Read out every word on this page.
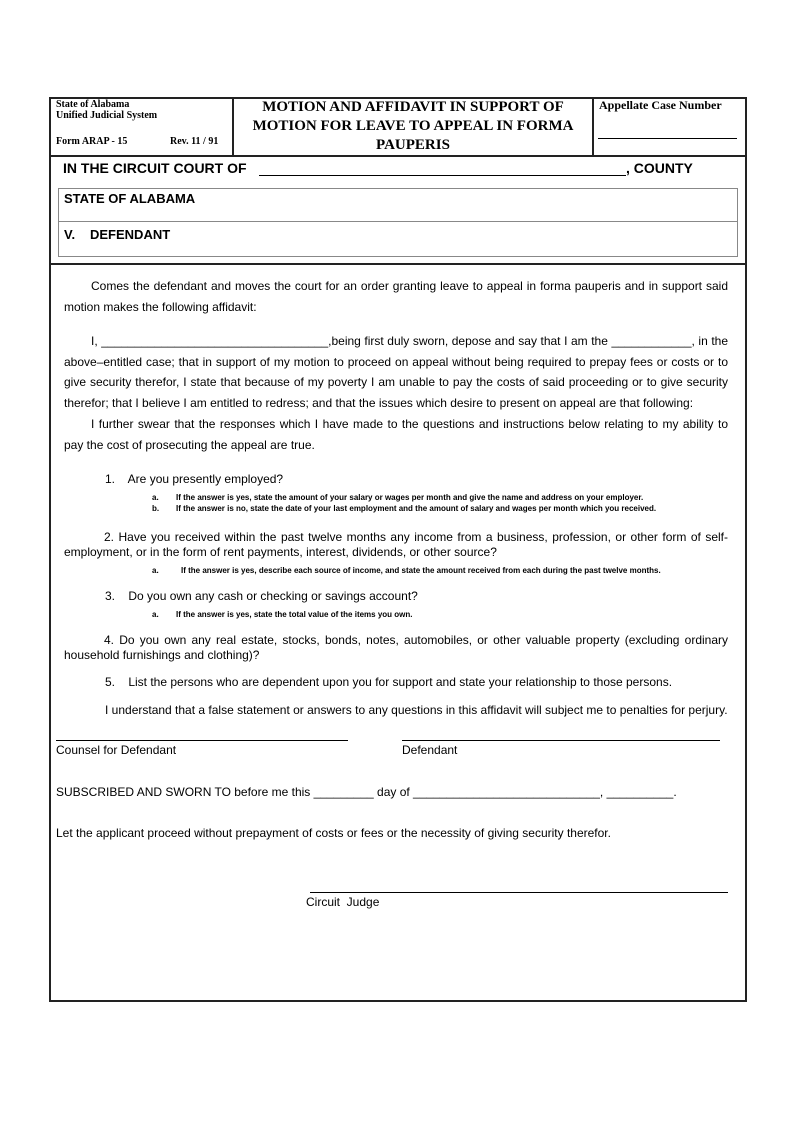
State of Alabama
Unified Judicial System
Form ARAP - 15	Rev. 11 / 91
MOTION AND AFFIDAVIT IN SUPPORT OF MOTION FOR LEAVE TO APPEAL IN FORMA PAUPERIS
Appellate Case Number
IN THE CIRCUIT COURT OF	, COUNTY
STATE OF ALABAMA
V. DEFENDANT
Comes the defendant and moves the court for an order granting leave to appeal in forma pauperis and in support said motion makes the following affidavit:
I, __________________________________,being first duly sworn, depose and say that I am the ____________, in the above–entitled case; that in support of my motion to proceed on appeal without being required to prepay fees or costs or to give security therefor, I state that because of my poverty I am unable to pay the costs of said proceeding or to give security therefor; that I believe I am entitled to redress; and that the issues which desire to present on appeal are that following:
I further swear that the responses which I have made to the questions and instructions below relating to my ability to pay the cost of prosecuting the appeal are true.
1.    Are you presently employed?
a. If the answer is yes, state the amount of your salary or wages per month and give the name and address on your employer.
b. If the answer is no, state the date of your last employment and the amount of salary and wages per month which you received.
2. Have you received within the past twelve months any income from a business, profession, or other form of self-employment, or in the form of rent payments, interest, dividends, or other source?
a.	If the answer is yes, describe each source of income, and state the amount received from each during the past twelve months.
3.    Do you own any cash or checking or savings account?
a. If the answer is yes, state the total value of the items you own.
4. Do you own any real estate, stocks, bonds, notes, automobiles, or other valuable property (excluding ordinary household furnishings and clothing)?
5.    List the persons who are dependent upon you for support and state your relationship to those persons.
I understand that a false statement or answers to any questions in this affidavit will subject me to penalties for perjury.
Counsel for Defendant	Defendant
SUBSCRIBED AND SWORN TO before me this _________ day of ____________________________, __________.
Let the applicant proceed without prepayment of costs or fees or the necessity of giving security therefor.
Circuit  Judge
